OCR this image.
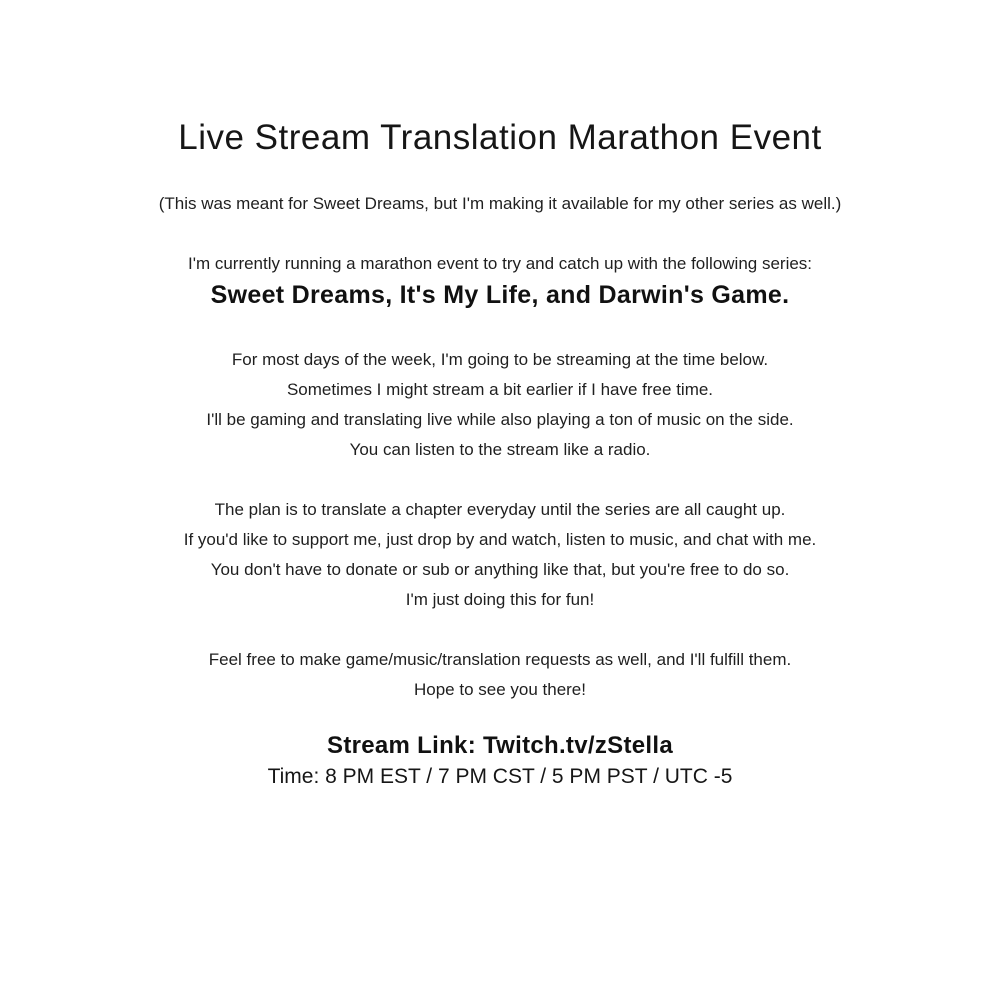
Live Stream Translation Marathon Event
(This was meant for Sweet Dreams, but I'm making it available for my other series as well.)
I'm currently running a marathon event to try and catch up with the following series:
Sweet Dreams, It's My Life, and Darwin's Game.
For most days of the week, I'm going to be streaming at the time below.
Sometimes I might stream a bit earlier if I have free time.
I'll be gaming and translating live while also playing a ton of music on the side.
You can listen to the stream like a radio.
The plan is to translate a chapter everyday until the series are all caught up.
If you'd like to support me, just drop by and watch, listen to music, and chat with me.
You don't have to donate or sub or anything like that, but you're free to do so.
I'm just doing this for fun!
Feel free to make game/music/translation requests as well, and I'll fulfill them.
Hope to see you there!
Stream Link: Twitch.tv/zStella
Time: 8 PM EST / 7 PM CST / 5 PM PST / UTC -5
